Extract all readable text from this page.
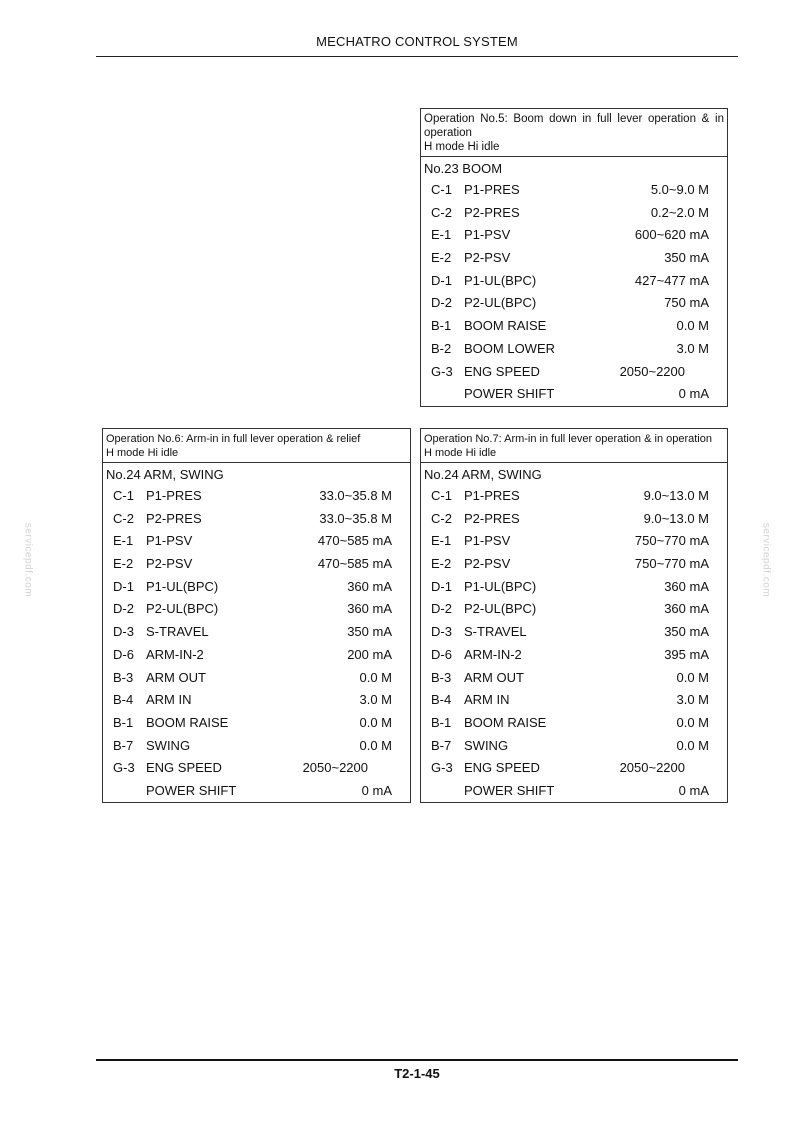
MECHATRO CONTROL SYSTEM
servicepdf.com	servicepdf.com
Operation No.5: Boom down in full lever operation & in operation
H mode Hi idle
No.23 BOOM
C-1 P1-PRES	5.0~9.0 M
C-2 P2-PRES	0.2~2.0 M
E-1 P1-PSV	600~620 mA
E-2 P2-PSV	350 mA
D-1 P1-UL(BPC)	427~477 mA
D-2 P2-UL(BPC)	750 mA
B-1 BOOM RAISE	0.0 M
B-2 BOOM LOWER	3.0 M
G-3 ENG SPEED	2050~2200
POWER SHIFT	0 mA
Operation No.6: Arm-in in full lever operation & relief
H mode Hi idle
No.24 ARM, SWING
C-1 P1-PRES	33.0~35.8 M
C-2 P2-PRES	33.0~35.8 M
E-1 P1-PSV	470~585 mA
E-2 P2-PSV	470~585 mA
D-1 P1-UL(BPC)	360 mA
D-2 P2-UL(BPC)	360 mA
D-3 S-TRAVEL	350 mA
D-6 ARM-IN-2	200 mA
B-3 ARM OUT	0.0 M
B-4 ARM IN	3.0 M
B-1 BOOM RAISE	0.0 M
B-7 SWING	0.0 M
G-3 ENG SPEED	2050~2200
POWER SHIFT	0 mA
Operation No.7: Arm-in in full lever operation & in operation
H mode Hi idle
No.24 ARM, SWING
C-1 P1-PRES	9.0~13.0 M
C-2 P2-PRES	9.0~13.0 M
E-1 P1-PSV	750~770 mA
E-2 P2-PSV	750~770 mA
D-1 P1-UL(BPC)	360 mA
D-2 P2-UL(BPC)	360 mA
D-3 S-TRAVEL	350 mA
D-6 ARM-IN-2	395 mA
B-3 ARM OUT	0.0 M
B-4 ARM IN	3.0 M
B-1 BOOM RAISE	0.0 M
B-7 SWING	0.0 M
G-3 ENG SPEED	2050~2200
POWER SHIFT	0 mA
T2-1-45
